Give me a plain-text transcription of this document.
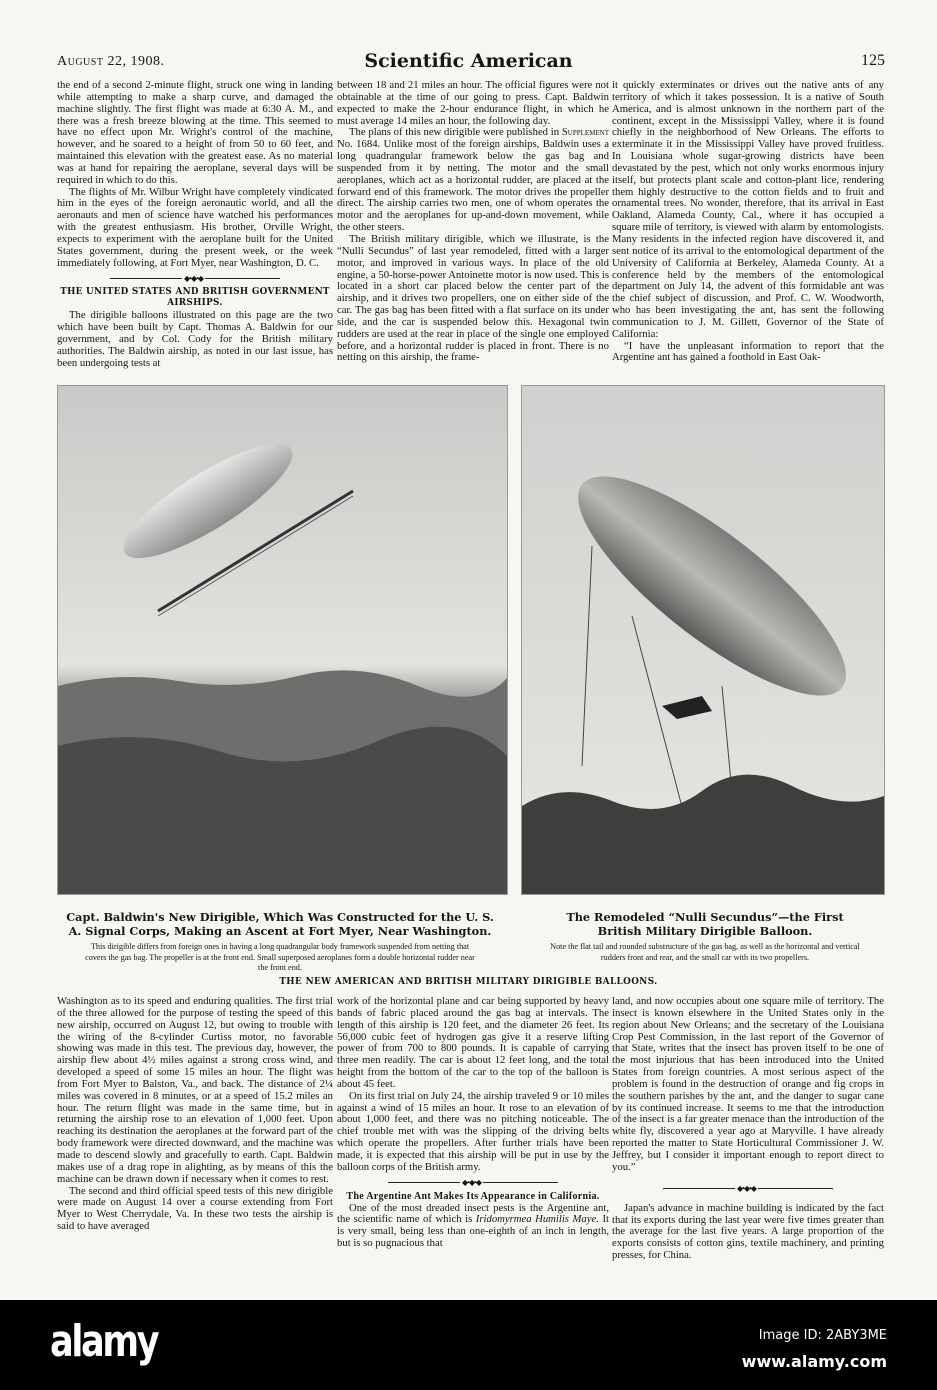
August 22, 1908.	Scientific American	125

the end of a second 2-minute flight, struck one wing in landing while attempting to make a sharp curve, and damaged the machine slightly. The first flight was made at 6:30 A. M., and there was a fresh breeze blowing at the time. This seemed to have no effect upon Mr. Wright's control of the machine, however, and he soared to a height of from 50 to 60 feet, and maintained this elevation with the greatest ease. As no material was at hand for repairing the aeroplane, several days will be required in which to do this.

The flights of Mr. Wilbur Wright have completely vindicated him in the eyes of the foreign aeronautic world, and all the aeronauts and men of science have watched his performances with the greatest enthusiasm. His brother, Orville Wright, expects to experiment with the aeroplane built for the United States government, during the present week, or the week immediately following, at Fort Myer, near Washington, D. C.

◆•◆•◆
THE UNITED STATES AND BRITISH GOVERNMENT AIRSHIPS.

The dirigible balloons illustrated on this page are the two which have been built by Capt. Thomas A. Baldwin for our government, and by Col. Cody for the British military authorities. The Baldwin airship, as noted in our last issue, has been undergoing tests at

between 18 and 21 miles an hour. The official figures were not obtainable at the time of our going to press. Capt. Baldwin expected to make the 2-hour endurance flight, in which he must average 14 miles an hour, the following day.

The plans of this new dirigible were published in Supplement No. 1684. Unlike most of the foreign airships, Baldwin uses a long quadrangular framework below the gas bag and suspended from it by netting. The motor and the small aeroplanes, which act as a horizontal rudder, are placed at the forward end of this framework. The motor drives the propeller direct. The airship carries two men, one of whom operates the motor and the aeroplanes for up-and-down movement, while the other steers.

The British military dirigible, which we illustrate, is the “Nulli Secundus” of last year remodeled, fitted with a larger motor, and improved in various ways. In place of the old engine, a 50-horse-power Antoinette motor is now used. This is located in a short car placed below the center part of the airship, and it drives two propellers, one on either side of the car. The gas bag has been fitted with a flat surface on its under side, and the car is suspended below this. Hexagonal twin rudders are used at the rear in place of the single one employed before, and a horizontal rudder is placed in front. There is no netting on this airship, the frame-

it quickly exterminates or drives out the native ants of any territory of which it takes possession. It is a native of South America, and is almost unknown in the northern part of the continent, except in the Mississippi Valley, where it is found chiefly in the neighborhood of New Orleans. The efforts to exterminate it in the Mississippi Valley have proved fruitless. In Louisiana whole sugar-growing districts have been devastated by the pest, which not only works enormous injury itself, but protects plant scale and cotton-plant lice, rendering them highly destructive to the cotton fields and to fruit and ornamental trees. No wonder, therefore, that its arrival in East Oakland, Alameda County, Cal., where it has occupied a square mile of territory, is viewed with alarm by entomologists. Many residents in the infected region have discovered it, and sent notice of its arrival to the entomological department of the University of California at Berkeley, Alameda County. At a conference held by the members of the entomological department on July 14, the advent of this formidable ant was the chief subject of discussion, and Prof. C. W. Woodworth, who has been investigating the ant, has sent the following communication to J. M. Gillett, Governor of the State of California:

“I have the unpleasant information to report that the Argentine ant has gained a foothold in East Oak-

Capt. Baldwin's New Dirigible, Which Was Constructed for the U. S. A. Signal Corps, Making an Ascent at Fort Myer, Near Washington.
This dirigible differs from foreign ones in having a long quadrangular body framework suspended from netting that covers the gas bag. The propeller is at the front end. Small superposed aeroplanes form a double horizontal rudder near the front end.
The Remodeled “Nulli Secundus”—the First British Military Dirigible Balloon.
Note the flat tail and rounded substructure of the gas bag, as well as the horizontal and vertical rudders front and rear, and the small car with its two propellers.
THE NEW AMERICAN AND BRITISH MILITARY DIRIGIBLE BALLOONS.

Washington as to its speed and enduring qualities. The first trial of the three allowed for the purpose of testing the speed of this new airship, occurred on August 12, but owing to trouble with the wiring of the 8-cylinder Curtiss motor, no favorable showing was made in this test. The previous day, however, the airship flew about 4½ miles against a strong cross wind, and developed a speed of some 15 miles an hour. The flight was from Fort Myer to Balston, Va., and back. The distance of 2¼ miles was covered in 8 minutes, or at a speed of 15.2 miles an hour. The return flight was made in the same time, but in returning the airship rose to an elevation of 1,000 feet. Upon reaching its destination the aeroplanes at the forward part of the body framework were directed downward, and the machine was made to descend slowly and gracefully to earth. Capt. Baldwin makes use of a drag rope in alighting, as by means of this the machine can be drawn down if necessary when it comes to rest.

The second and third official speed tests of this new dirigible were made on August 14 over a course extending from Fort Myer to West Cherrydale, Va. In these two tests the airship is said to have averaged

work of the horizontal plane and car being supported by heavy bands of fabric placed around the gas bag at intervals. The length of this airship is 120 feet, and the diameter 26 feet. Its 56,000 cubic feet of hydrogen gas give it a reserve lifting power of from 700 to 800 pounds. It is capable of carrying three men readily. The car is about 12 feet long, and the total height from the bottom of the car to the top of the balloon is about 45 feet.

On its first trial on July 24, the airship traveled 9 or 10 miles against a wind of 15 miles an hour. It rose to an elevation of about 1,000 feet, and there was no pitching noticeable. The chief trouble met with was the slipping of the driving belts which operate the propellers. After further trials have been made, it is expected that this airship will be put in use by the balloon corps of the British army.

◆•◆•◆
The Argentine Ant Makes Its Appearance in California.

One of the most dreaded insect pests is the Argentine ant, the scientific name of which is Iridomyrmea Humilis Maye. It is very small, being less than one-eighth of an inch in length, but is so pugnacious that

land, and now occupies about one square mile of territory. The insect is known elsewhere in the United States only in the region about New Orleans; and the secretary of the Louisiana Crop Pest Commission, in the last report of the Governor of that State, writes that the insect has proven itself to be one of the most injurious that has been introduced into the United States from foreign countries. A most serious aspect of the problem is found in the destruction of orange and fig crops in the southern parishes by the ant, and the danger to sugar cane by its continued increase. It seems to me that the introduction of the insect is a far greater menace than the introduction of the white fly, discovered a year ago at Maryville. I have already reported the matter to State Horticultural Commissioner J. W. Jeffrey, but I consider it important enough to report direct to you.”

◆•◆•◆

Japan's advance in machine building is indicated by the fact that its exports during the last year were five times greater than the average for the last five years. A large proportion of the exports consists of cotton gins, textile machinery, and printing presses, for China.

alamy	Image ID: 2ABY3ME
www.alamy.com
